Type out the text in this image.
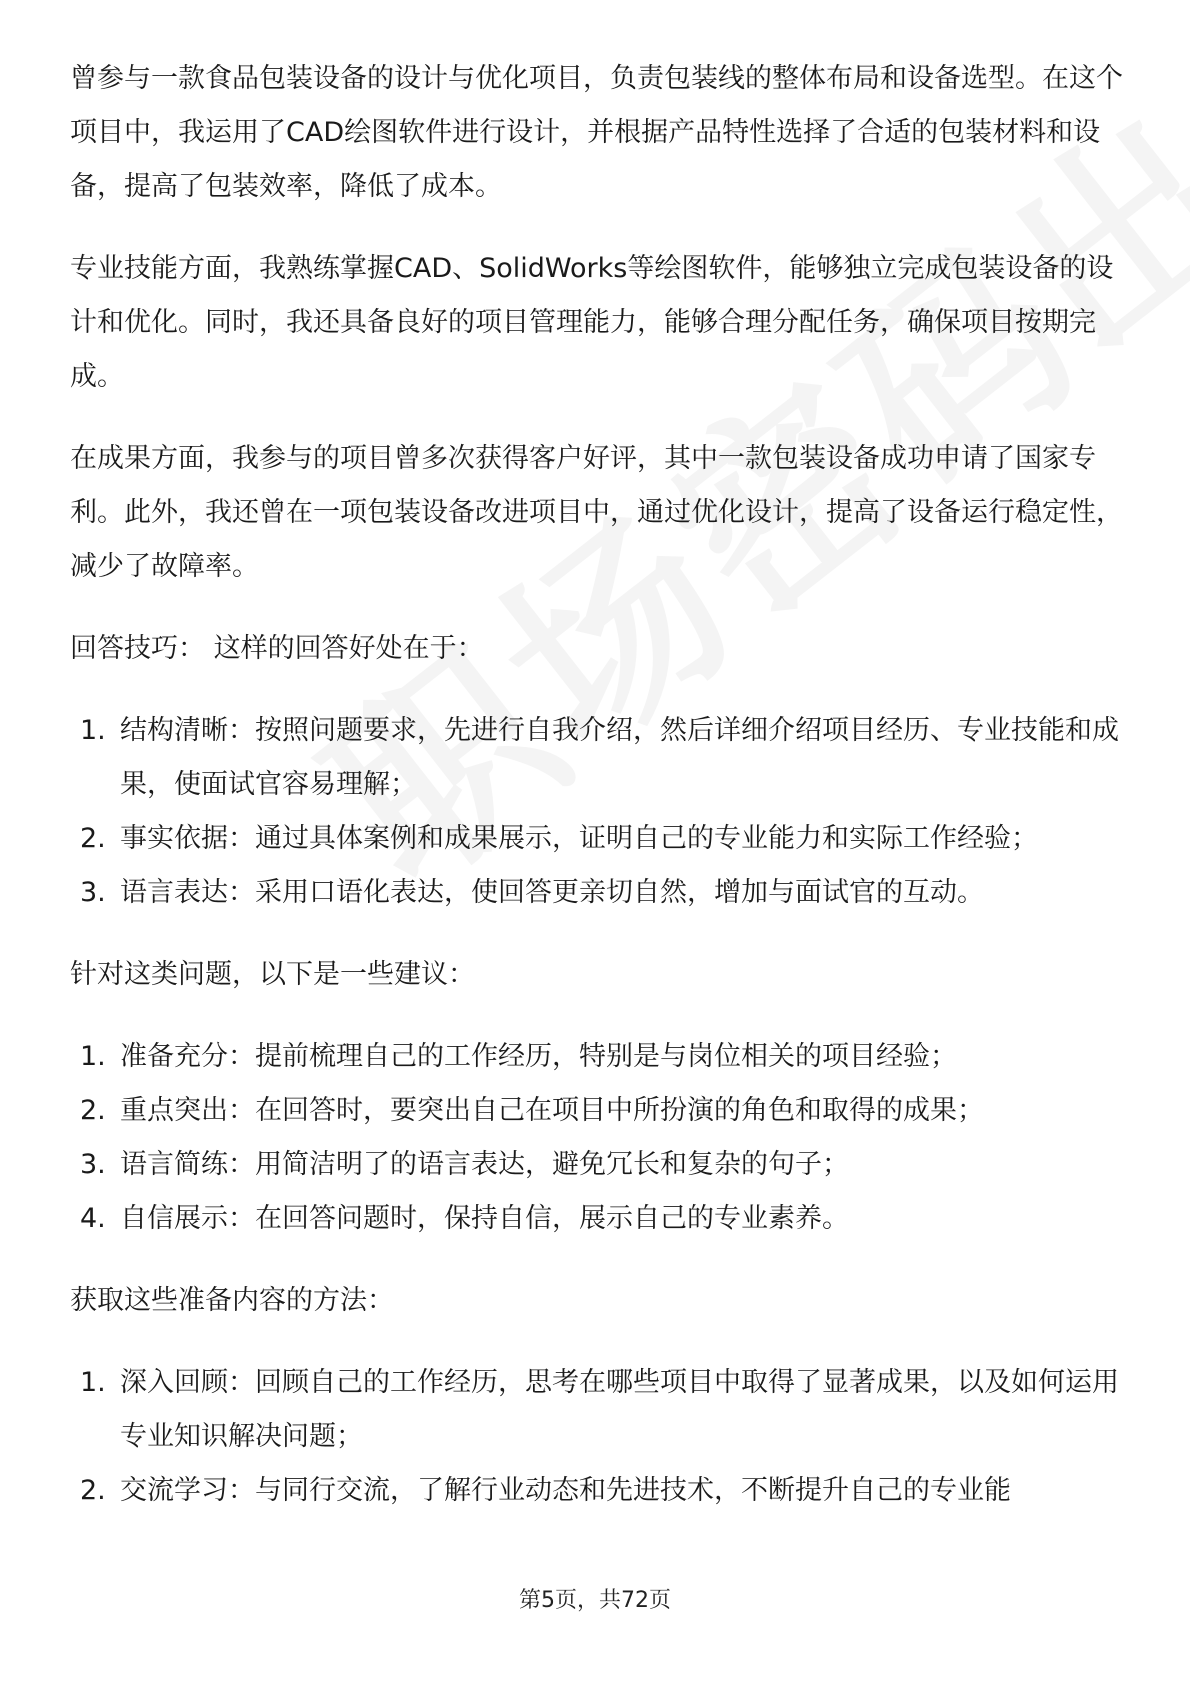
曾参与一款食品包装设备的设计与优化项目，负责包装线的整体布局和设备选型。在这个项目中，我运用了CAD绘图软件进行设计，并根据产品特性选择了合适的包装材料和设备，提高了包装效率，降低了成本。

专业技能方面，我熟练掌握CAD、SolidWorks等绘图软件，能够独立完成包装设备的设计和优化。同时，我还具备良好的项目管理能力，能够合理分配任务，确保项目按期完成。

在成果方面，我参与的项目曾多次获得客户好评，其中一款包装设备成功申请了国家专利。此外，我还曾在一项包装设备改进项目中，通过优化设计，提高了设备运行稳定性，减少了故障率。

回答技巧： 这样的回答好处在于：

1. 结构清晰：按照问题要求，先进行自我介绍，然后详细介绍项目经历、专业技能和成果，使面试官容易理解；
2. 事实依据：通过具体案例和成果展示，证明自己的专业能力和实际工作经验；
3. 语言表达：采用口语化表达，使回答更亲切自然，增加与面试官的互动。

针对这类问题，以下是一些建议：

1. 准备充分：提前梳理自己的工作经历，特别是与岗位相关的项目经验；
2. 重点突出：在回答时，要突出自己在项目中所扮演的角色和取得的成果；
3. 语言简练：用简洁明了的语言表达，避免冗长和复杂的句子；
4. 自信展示：在回答问题时，保持自信，展示自己的专业素养。

获取这些准备内容的方法：

1. 深入回顾：回顾自己的工作经历，思考在哪些项目中取得了显著成果，以及如何运用专业知识解决问题；
2. 交流学习：与同行交流，了解行业动态和先进技术，不断提升自己的专业能
第5页，共72页
